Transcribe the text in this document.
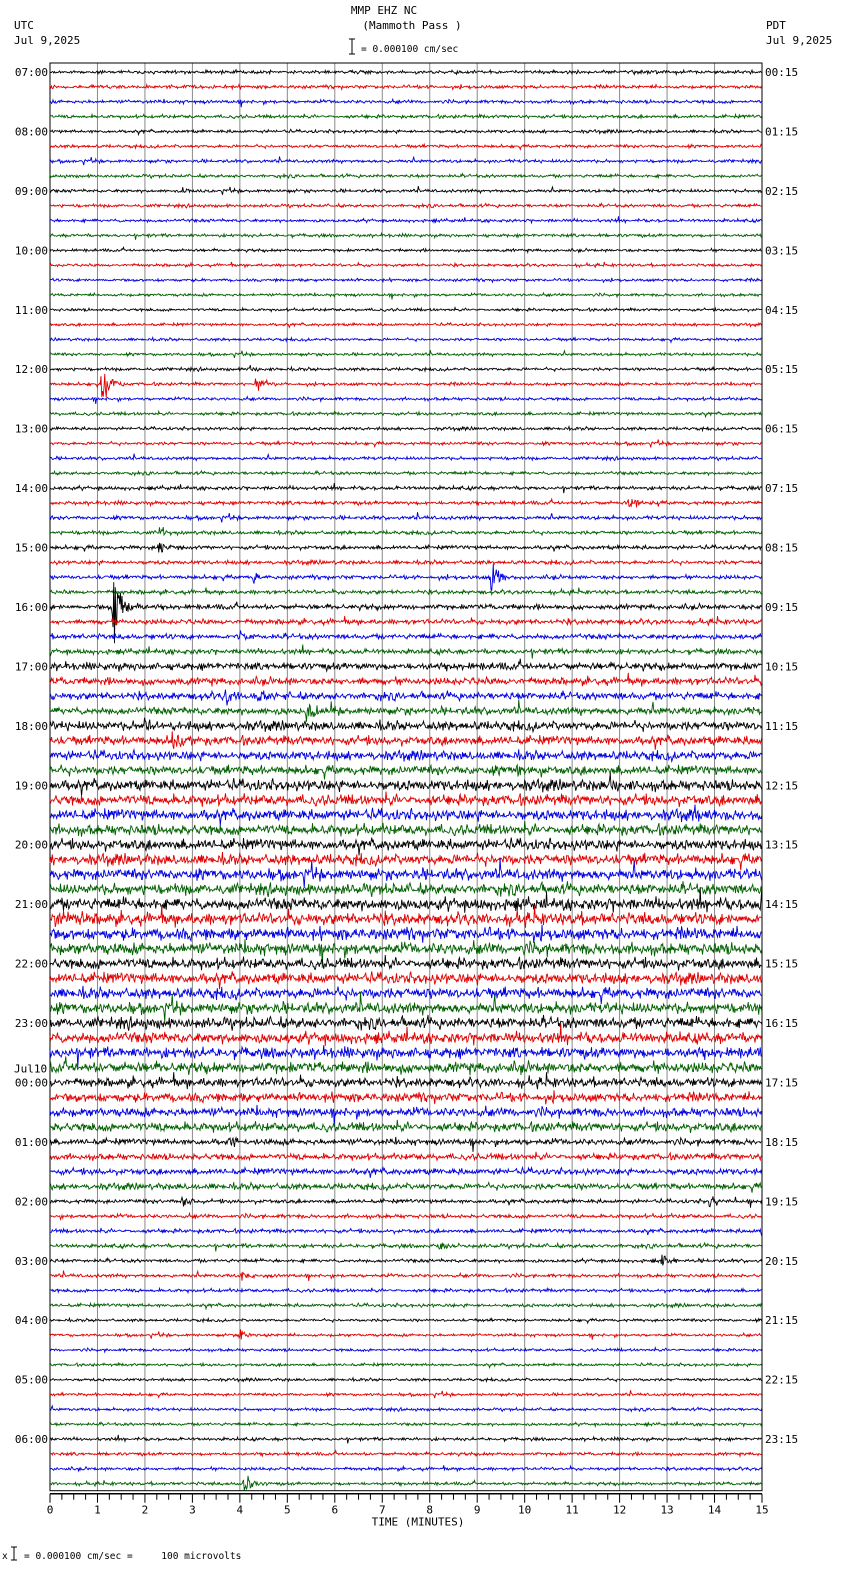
07:00	00:15
08:00	01:15
09:00	02:15
10:00	03:15
11:00	04:15
12:00	05:15
13:00	06:15
14:00	07:15
15:00	08:15
16:00	09:15
17:00	10:15
18:00	11:15
19:00	12:15
20:00	13:15
21:00	14:15
22:00	15:15
23:00	16:15
00:00	17:15
Jul10
01:00	18:15
02:00	19:15
03:00	20:15
04:00	21:15
05:00	22:15
06:00	23:15
0	1	2	3	4	5	6	7	8	9	10	11	12	13	14	15
TIME (MINUTES)
MMP EHZ NC
(Mammoth Pass )
= 0.000100 cm/sec
UTC
Jul 9,2025
PDT
Jul 9,2025
х = 0.000100 cm/sec =     100 microvolts
